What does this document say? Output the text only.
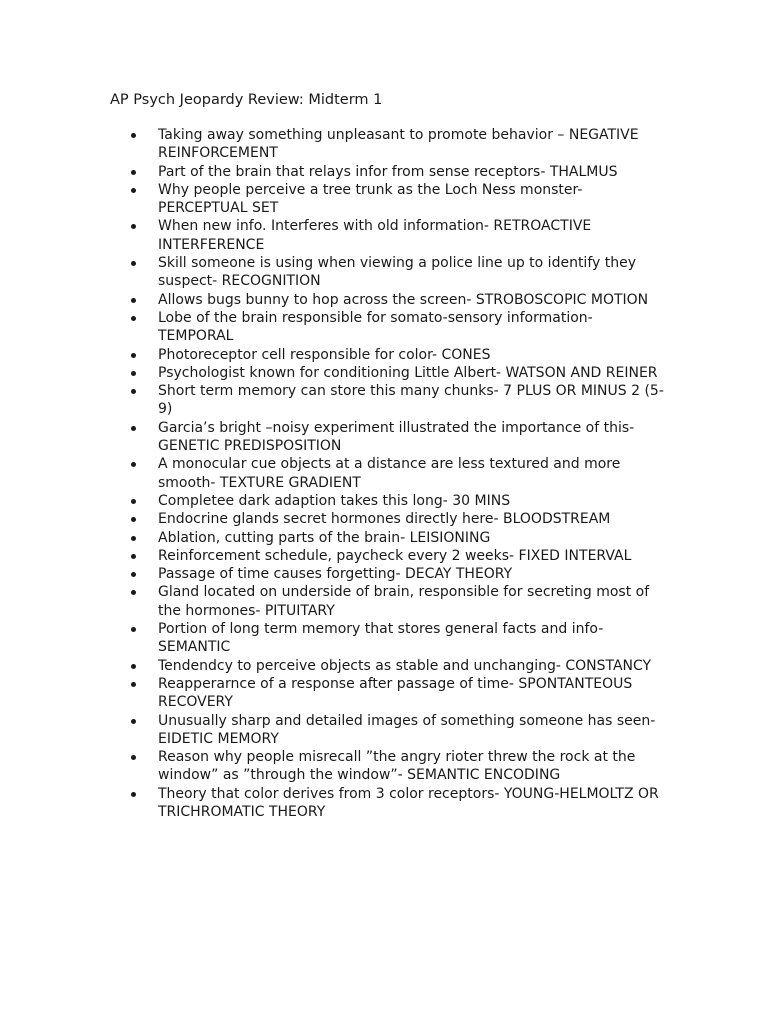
AP Psych Jeopardy Review: Midterm 1
Taking away something unpleasant to promote behavior – NEGATIVE REINFORCEMENT
Part of the brain that relays infor from sense receptors- THALMUS
Why people perceive a tree trunk as the Loch Ness monster- PERCEPTUAL SET
When new info. Interferes with old information- RETROACTIVE INTERFERENCE
Skill someone is using when viewing a police line up to identify they suspect- RECOGNITION
Allows bugs bunny to hop across the screen- STROBOSCOPIC MOTION
Lobe of the brain responsible for somato-sensory information- TEMPORAL
Photoreceptor cell responsible for color- CONES
Psychologist known for conditioning Little Albert- WATSON AND REINER
Short term memory can store this many chunks- 7 PLUS OR MINUS 2 (5-9)
Garcia’s bright –noisy experiment illustrated the importance of this- GENETIC PREDISPOSITION
A monocular cue objects at a distance are less textured and more smooth- TEXTURE GRADIENT
Completee dark adaption takes this long- 30 MINS
Endocrine glands secret hormones directly here- BLOODSTREAM
Ablation, cutting parts of the brain- LEISIONING
Reinforcement schedule, paycheck every 2 weeks- FIXED INTERVAL
Passage of time causes forgetting- DECAY THEORY
Gland located on underside of brain, responsible for secreting most of the hormones- PITUITARY
Portion of long term memory that stores general facts and info- SEMANTIC
Tendendcy to perceive objects as stable and unchanging- CONSTANCY
Reapperarnce of a response after passage of time- SPONTANTEOUS RECOVERY
Unusually sharp and detailed images of something someone has seen- EIDETIC MEMORY
Reason why people misrecall ”the angry rioter threw the rock at the window” as ”through the window”- SEMANTIC ENCODING
Theory that color derives from 3 color receptors- YOUNG-HELMOLTZ OR TRICHROMATIC THEORY
